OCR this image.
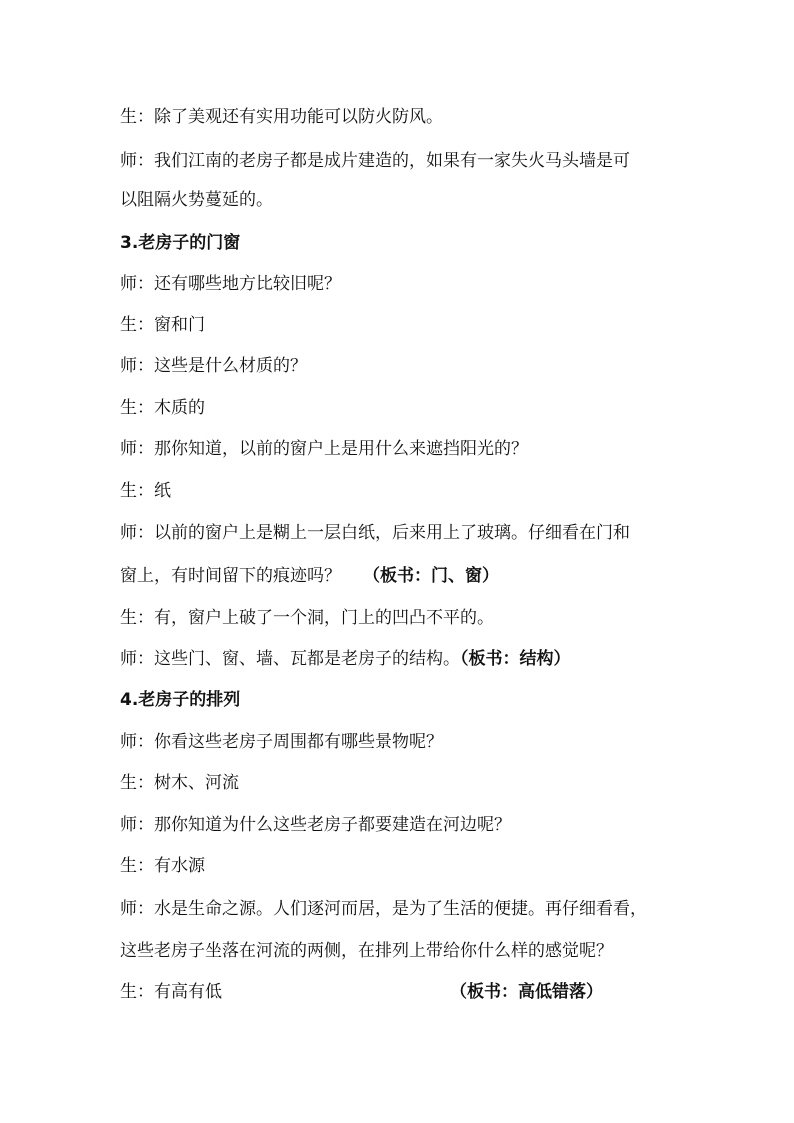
生：除了美观还有实用功能可以防火防风。
师：我们江南的老房子都是成片建造的，如果有一家失火马头墙是可
以阻隔火势蔓延的。
3.老房子的门窗
师：还有哪些地方比较旧呢？
生：窗和门
师：这些是什么材质的？
生：木质的
师：那你知道，以前的窗户上是用什么来遮挡阳光的？
生：纸
师：以前的窗户上是糊上一层白纸，后来用上了玻璃。仔细看在门和
窗上，有时间留下的痕迹吗？ （板书：门、窗）
生：有，窗户上破了一个洞，门上的凹凸不平的。
师：这些门、窗、墙、瓦都是老房子的结构。（板书：结构）
4.老房子的排列
师：你看这些老房子周围都有哪些景物呢？
生：树木、河流
师：那你知道为什么这些老房子都要建造在河边呢？
生：有水源
师：水是生命之源。人们逐河而居，是为了生活的便捷。再仔细看看，
这些老房子坐落在河流的两侧，在排列上带给你什么样的感觉呢？
生：有高有低	（板书：高低错落）
